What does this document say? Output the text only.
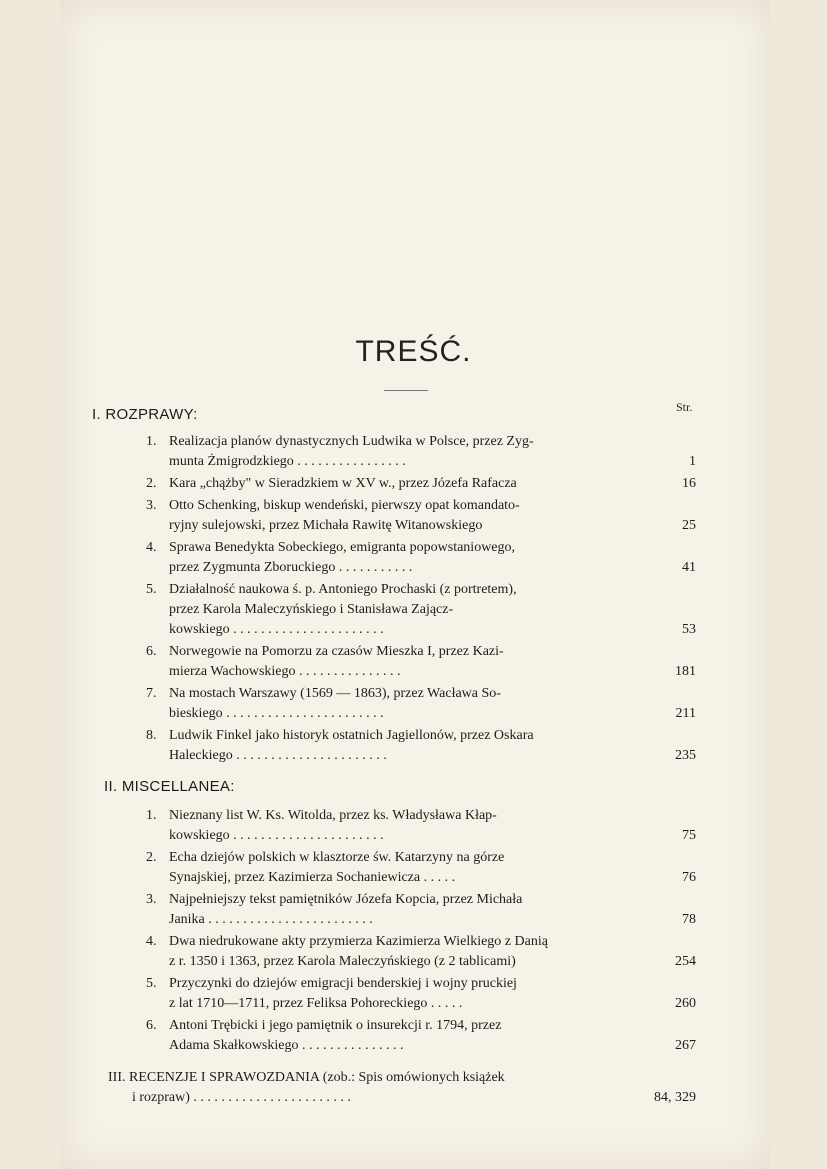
TREŚĆ.
Str.
I. ROZPRAWY:
1. Realizacja planów dynastycznych Ludwika w Polsce, przez Zyg-
munta Żmigrodzkiego . . . . . . . . . . . . . . . .	1
2. Kara „chążby" w Sieradzkiem w XV w., przez Józefa Rafacza	16
3. Otto Schenking, biskup wendeński, pierwszy opat komandato-
ryjny sulejowski, przez Michała Rawitę Witanowskiego	25
4. Sprawa Benedykta Sobeckiego, emigranta popowstaniowego,
przez Zygmunta Zboruckiego . . . . . . . . . . .	41
5. Działalność naukowa ś. p. Antoniego Prochaski (z portretem),
przez Karola Maleczyńskiego i Stanisława Zającz-
kowskiego . . . . . . . . . . . . . . . . . . . . . .	53
6. Norwegowie na Pomorzu za czasów Mieszka I, przez Kazi-
mierza Wachowskiego . . . . . . . . . . . . . . .	181
7. Na mostach Warszawy (1569 — 1863), przez Wacława So-
bieskiego . . . . . . . . . . . . . . . . . . . . . . .	211
8. Ludwik Finkel jako historyk ostatnich Jagiellonów, przez Oskara
Haleckiego . . . . . . . . . . . . . . . . . . . . . .	235
II. MISCELLANEA:
1. Nieznany list W. Ks. Witolda, przez ks. Władysława Kłap-
kowskiego . . . . . . . . . . . . . . . . . . . . . .	75
2. Echa dziejów polskich w klasztorze św. Katarzyny na górze
Synajskiej, przez Kazimierza Sochaniewicza . . . . .	76
3. Najpełniejszy tekst pamiętników Józefa Kopcia, przez Michała
Janika . . . . . . . . . . . . . . . . . . . . . . . .	78
4. Dwa niedrukowane akty przymierza Kazimierza Wielkiego z Danią
z r. 1350 i 1363, przez Karola Maleczyńskiego (z 2 tablicami)	254
5. Przyczynki do dziejów emigracji benderskiej i wojny pruckiej
z lat 1710—1711, przez Feliksa Pohoreckiego . . . . .	260
6. Antoni Trębicki i jego pamiętnik o insurekcji r. 1794, przez
Adama Skałkowskiego . . . . . . . . . . . . . . .	267
III. RECENZJE I SPRAWOZDANIA (zob.: Spis omówionych książek
i rozpraw) . . . . . . . . . . . . . . . . . . . . . . .	84, 329
